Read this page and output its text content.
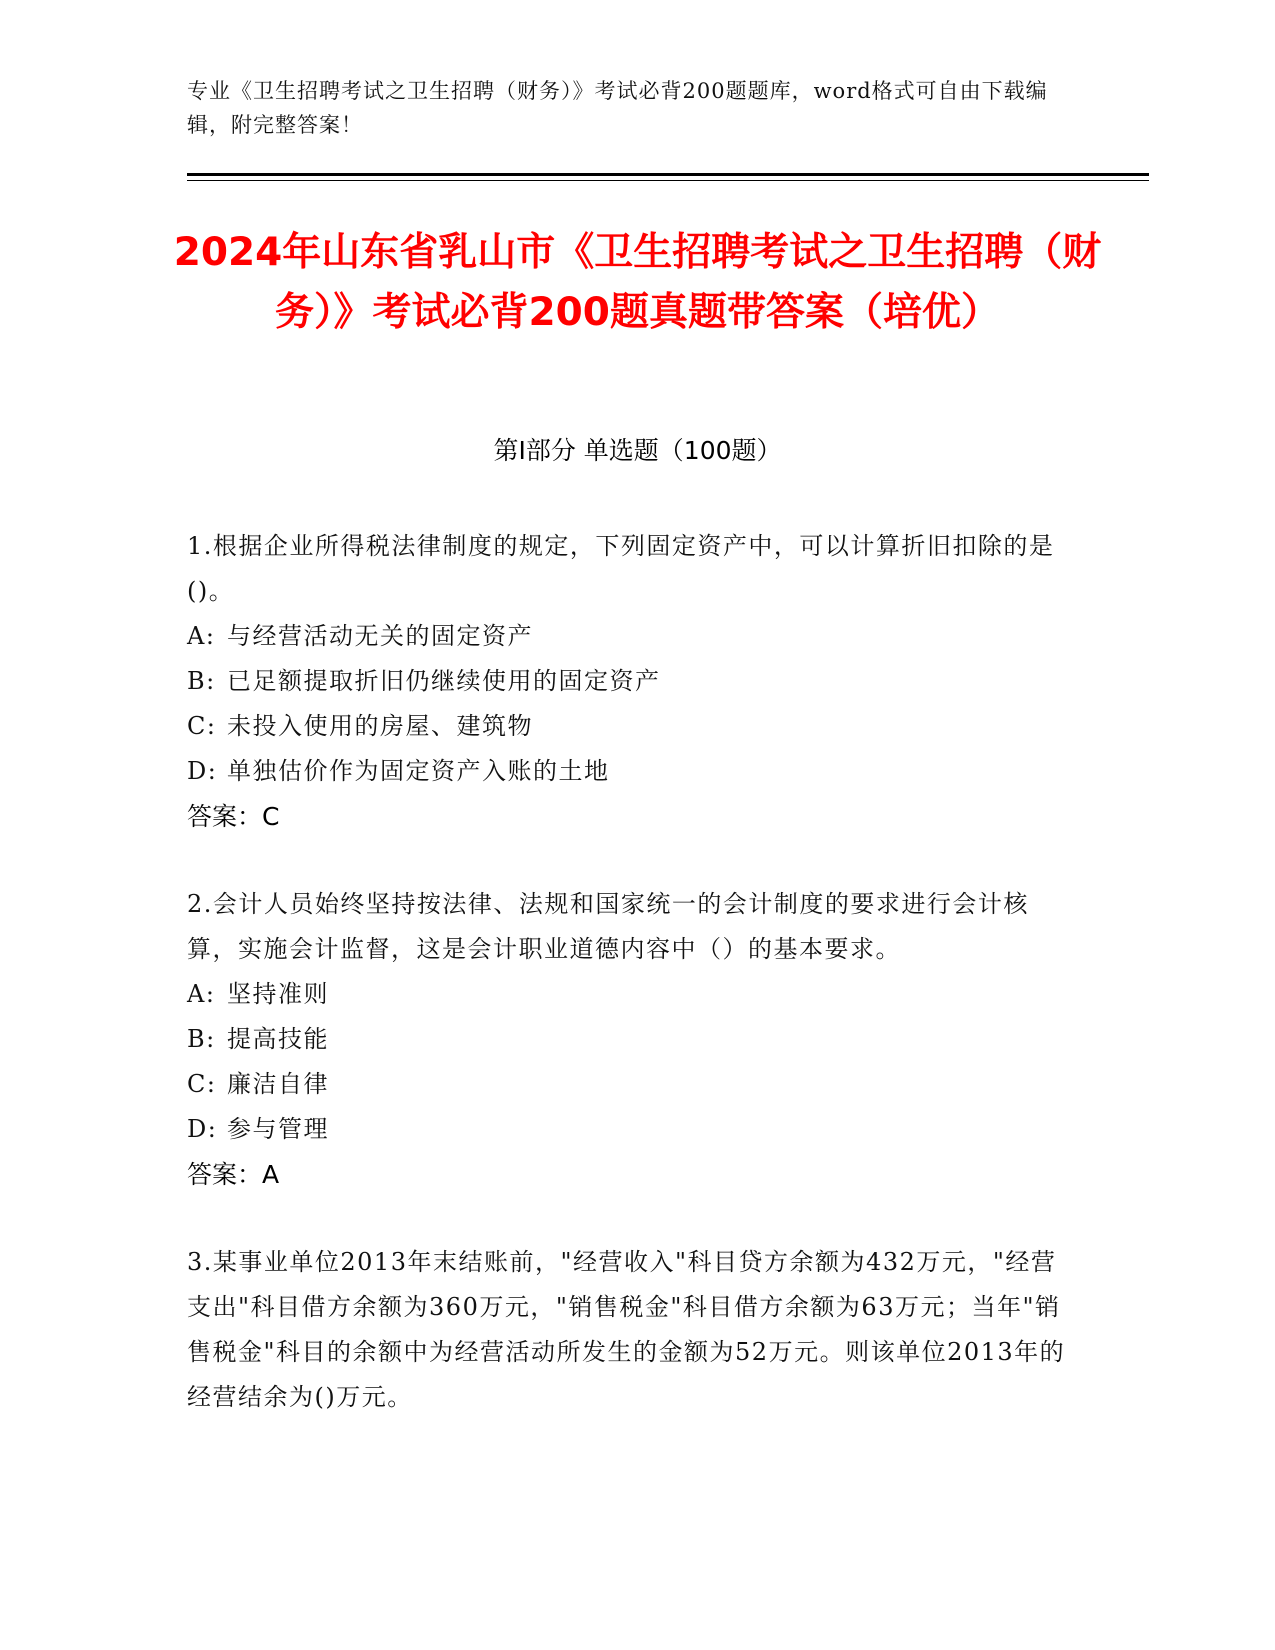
专业《卫生招聘考试之卫生招聘（财务）》考试必背200题题库，word格式可自由下载编辑，附完整答案！
2024年山东省乳山市《卫生招聘考试之卫生招聘（财务）》考试必背200题真题带答案（培优）
第I部分 单选题（100题）

1.根据企业所得税法律制度的规定，下列固定资产中，可以计算折旧扣除的是()。

A: 与经营活动无关的固定资产

B: 已足额提取折旧仍继续使用的固定资产

C: 未投入使用的房屋、建筑物

D: 单独估价作为固定资产入账的土地

答案：C

2.会计人员始终坚持按法律、法规和国家统一的会计制度的要求进行会计核算，实施会计监督，这是会计职业道德内容中（）的基本要求。

A: 坚持准则

B: 提高技能

C: 廉洁自律

D: 参与管理

答案：A

3.某事业单位2013年末结账前，"经营收入"科目贷方余额为432万元，"经营支出"科目借方余额为360万元，"销售税金"科目借方余额为63万元；当年"销售税金"科目的余额中为经营活动所发生的金额为52万元。则该单位2013年的经营结余为()万元。
